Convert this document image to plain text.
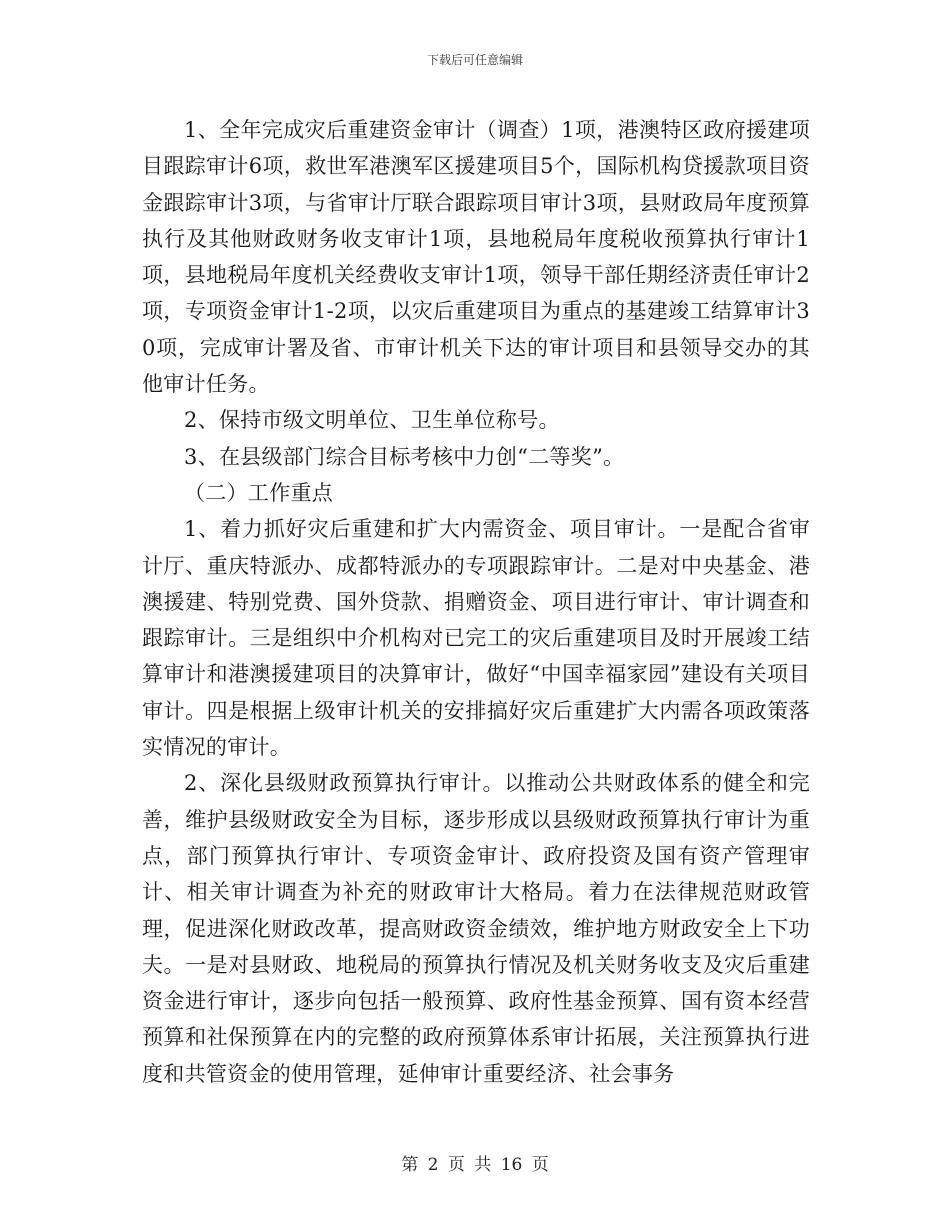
下载后可任意编辑

1、全年完成灾后重建资金审计（调查）1项，港澳特区政府援建项目跟踪审计6项，救世军港澳军区援建项目5个，国际机构贷援款项目资金跟踪审计3项，与省审计厅联合跟踪项目审计3项，县财政局年度预算执行及其他财政财务收支审计1项，县地税局年度税收预算执行审计1项，县地税局年度机关经费收支审计1项，领导干部任期经济责任审计2项，专项资金审计1-2项，以灾后重建项目为重点的基建竣工结算审计30项，完成审计署及省、市审计机关下达的审计项目和县领导交办的其他审计任务。

2、保持市级文明单位、卫生单位称号。

3、在县级部门综合目标考核中力创“二等奖”。

（二）工作重点

1、着力抓好灾后重建和扩大内需资金、项目审计。一是配合省审计厅、重庆特派办、成都特派办的专项跟踪审计。二是对中央基金、港澳援建、特别党费、国外贷款、捐赠资金、项目进行审计、审计调查和跟踪审计。三是组织中介机构对已完工的灾后重建项目及时开展竣工结算审计和港澳援建项目的决算审计，做好“中国幸福家园”建设有关项目审计。四是根据上级审计机关的安排搞好灾后重建扩大内需各项政策落实情况的审计。

2、深化县级财政预算执行审计。以推动公共财政体系的健全和完善，维护县级财政安全为目标，逐步形成以县级财政预算执行审计为重点，部门预算执行审计、专项资金审计、政府投资及国有资产管理审计、相关审计调查为补充的财政审计大格局。着力在法律规范财政管理，促进深化财政改革，提高财政资金绩效，维护地方财政安全上下功夫。一是对县财政、地税局的预算执行情况及机关财务收支及灾后重建资金进行审计，逐步向包括一般预算、政府性基金预算、国有资本经营预算和社保预算在内的完整的政府预算体系审计拓展，关注预算执行进度和共管资金的使用管理，延伸审计重要经济、社会事务

第 2 页 共 16 页
